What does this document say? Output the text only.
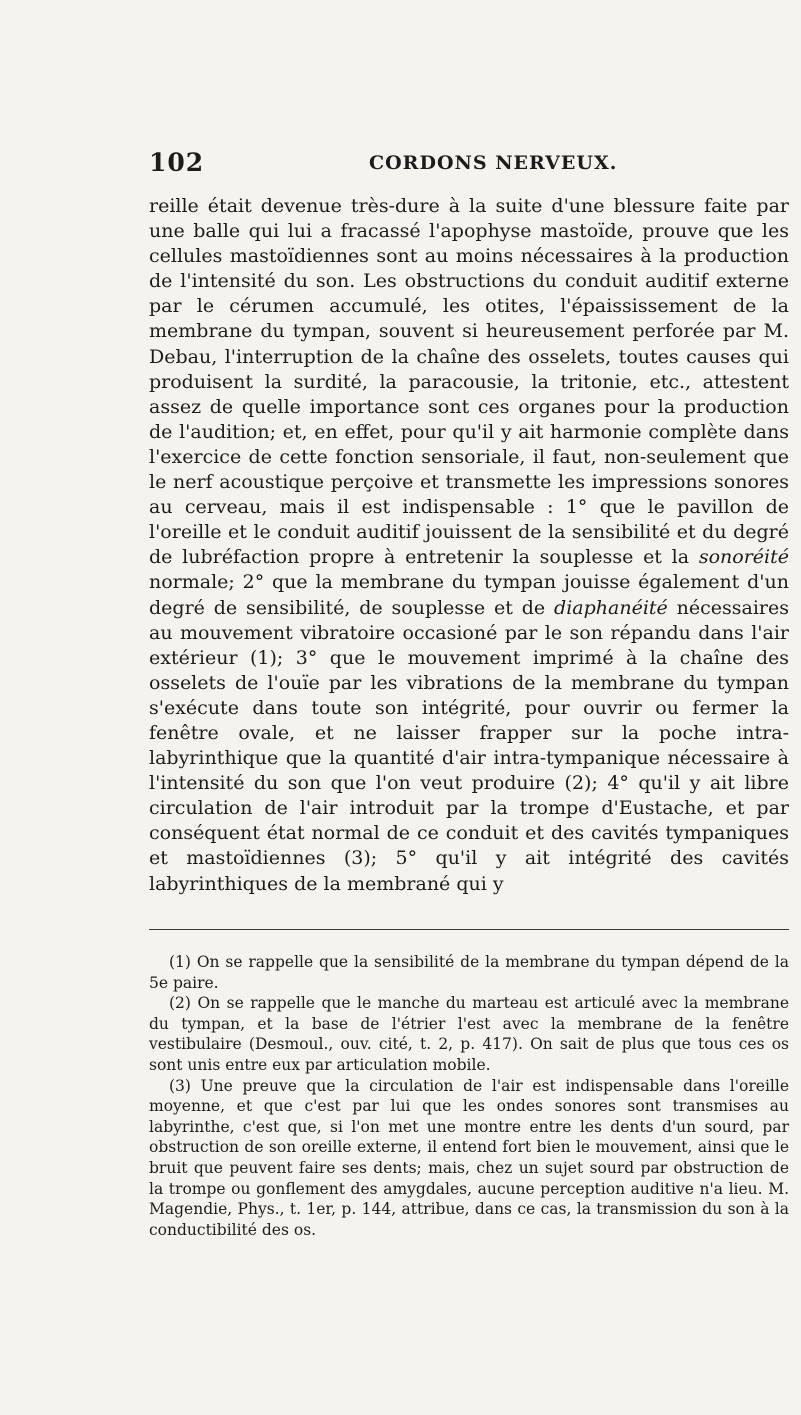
102	CORDONS NERVEUX.

reille était devenue très-dure à la suite d'une blessure faite par une balle qui lui a fracassé l'apophyse mastoïde, prouve que les cellules mastoïdiennes sont au moins nécessaires à la production de l'intensité du son. Les obstructions du conduit auditif externe par le cérumen accumulé, les otites, l'épaississement de la membrane du tympan, souvent si heureusement perforée par M. Debau, l'interruption de la chaîne des osselets, toutes causes qui produisent la surdité, la paracousie, la tritonie, etc., attestent assez de quelle importance sont ces organes pour la production de l'audition; et, en effet, pour qu'il y ait harmonie complète dans l'exercice de cette fonction sensoriale, il faut, non-seulement que le nerf acoustique perçoive et transmette les impressions sonores au cerveau, mais il est indispensable : 1° que le pavillon de l'oreille et le conduit auditif jouissent de la sensibilité et du degré de lubréfaction propre à entretenir la souplesse et la sonoréité normale; 2° que la membrane du tympan jouisse également d'un degré de sensibilité, de souplesse et de diaphanéité nécessaires au mouvement vibratoire occasioné par le son répandu dans l'air extérieur (1); 3° que le mouvement imprimé à la chaîne des osselets de l'ouïe par les vibrations de la membrane du tympan s'exécute dans toute son intégrité, pour ouvrir ou fermer la fenêtre ovale, et ne laisser frapper sur la poche intra-labyrinthique que la quantité d'air intra-tympanique nécessaire à l'intensité du son que l'on veut produire (2); 4° qu'il y ait libre circulation de l'air introduit par la trompe d'Eustache, et par conséquent état normal de ce conduit et des cavités tympaniques et mastoïdiennes (3); 5° qu'il y ait intégrité des cavités labyrinthiques de la membrané qui y

(1) On se rappelle que la sensibilité de la membrane du tympan dépend de la 5e paire.

(2) On se rappelle que le manche du marteau est articulé avec la membrane du tympan, et la base de l'étrier l'est avec la membrane de la fenêtre vestibulaire (Desmoul., ouv. cité, t. 2, p. 417). On sait de plus que tous ces os sont unis entre eux par articulation mobile.

(3) Une preuve que la circulation de l'air est indispensable dans l'oreille moyenne, et que c'est par lui que les ondes sonores sont transmises au labyrinthe, c'est que, si l'on met une montre entre les dents d'un sourd, par obstruction de son oreille externe, il entend fort bien le mouvement, ainsi que le bruit que peuvent faire ses dents; mais, chez un sujet sourd par obstruction de la trompe ou gonflement des amygdales, aucune perception auditive n'a lieu. M. Magendie, Phys., t. 1er, p. 144, attribue, dans ce cas, la transmission du son à la conductibilité des os.
